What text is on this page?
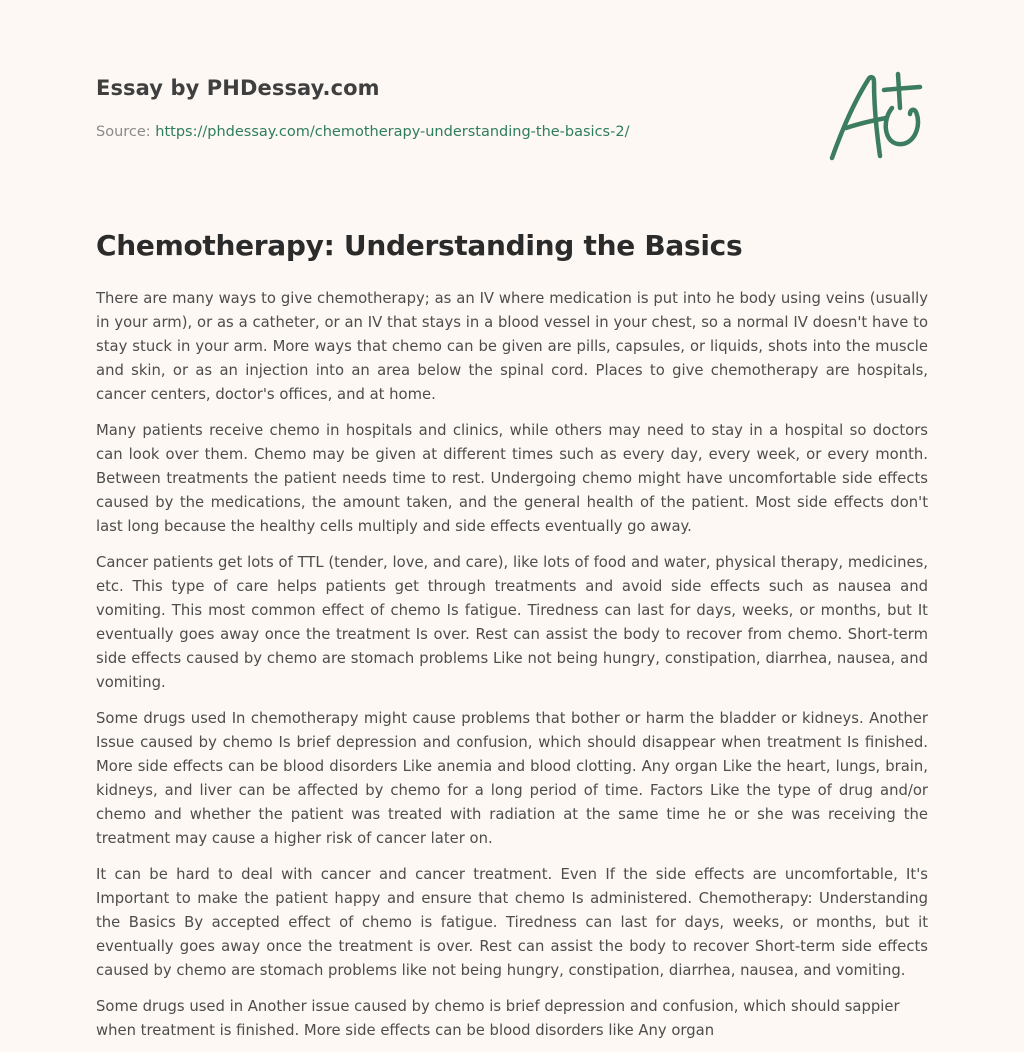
Essay by PHDessay.com
Source: https://phdessay.com/chemotherapy-understanding-the-basics-2/
Chemotherapy: Understanding the Basics

There are many ways to give chemotherapy; as an IV where medication is put into he body using veins (usually in your arm), or as a catheter, or an IV that stays in a blood vessel in your chest, so a normal IV doesn't have to stay stuck in your arm. More ways that chemo can be given are pills, capsules, or liquids, shots into the muscle and skin, or as an injection into an area below the spinal cord. Places to give chemotherapy are hospitals, cancer centers, doctor's offices, and at home.

Many patients receive chemo in hospitals and clinics, while others may need to stay in a hospital so doctors can look over them. Chemo may be given at different times such as every day, every week, or every month. Between treatments the patient needs time to rest. Undergoing chemo might have uncomfortable side effects caused by the medications, the amount taken, and the general health of the patient. Most side effects don't last long because the healthy cells multiply and side effects eventually go away.

Cancer patients get lots of TTL (tender, love, and care), like lots of food and water, physical therapy, medicines, etc. This type of care helps patients get through treatments and avoid side effects such as nausea and vomiting. This most common effect of chemo Is fatigue. Tiredness can last for days, weeks, or months, but It eventually goes away once the treatment Is over. Rest can assist the body to recover from chemo. Short-term side effects caused by chemo are stomach problems Like not being hungry, constipation, diarrhea, nausea, and vomiting.

Some drugs used In chemotherapy might cause problems that bother or harm the bladder or kidneys. Another Issue caused by chemo Is brief depression and confusion, which should disappear when treatment Is finished. More side effects can be blood disorders Like anemia and blood clotting. Any organ Like the heart, lungs, brain, kidneys, and liver can be affected by chemo for a long period of time. Factors Like the type of drug and/or chemo and whether the patient was treated with radiation at the same time he or she was receiving the treatment may cause a higher risk of cancer later on.

It can be hard to deal with cancer and cancer treatment. Even If the side effects are uncomfortable, It's Important to make the patient happy and ensure that chemo Is administered. Chemotherapy: Understanding the Basics By accepted effect of chemo is fatigue. Tiredness can last for days, weeks, or months, but it eventually goes away once the treatment is over. Rest can assist the body to recover Short-term side effects caused by chemo are stomach problems like not being hungry, constipation, diarrhea, nausea, and vomiting.

Some drugs used in Another issue caused by chemo is brief depression and confusion, which should sappier when treatment is finished. More side effects can be blood disorders like Any organ
